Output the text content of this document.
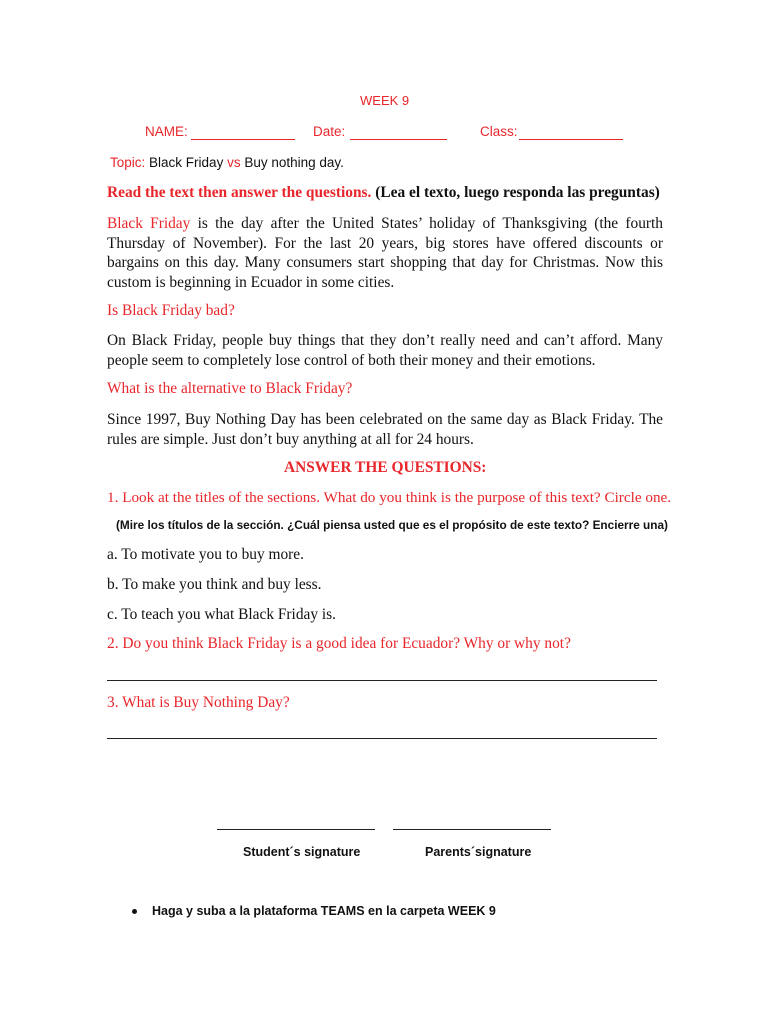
WEEK 9
NAME:	Date:	Class:
Topic: Black Friday vs Buy nothing day.
Read the text then answer the questions. (Lea el texto, luego responda las preguntas)
Black Friday is the day after the United States’ holiday of Thanksgiving (the fourth Thursday of November). For the last 20 years, big stores have offered discounts or bargains on this day. Many consumers start shopping that day for Christmas. Now this custom is beginning in Ecuador in some cities.
Is Black Friday bad?
On Black Friday, people buy things that they don’t really need and can’t afford. Many people seem to completely lose control of both their money and their emotions.
What is the alternative to Black Friday?
Since 1997, Buy Nothing Day has been celebrated on the same day as Black Friday. The rules are simple. Just don’t buy anything at all for 24 hours.
ANSWER THE QUESTIONS:
1. Look at the titles of the sections. What do you think is the purpose of this text? Circle one.
(Mire los títulos de la sección. ¿Cuál piensa usted que es el propósito de este texto? Encierre una)
a. To motivate you to buy more.
b. To make you think and buy less.
c. To teach you what Black Friday is.
2. Do you think Black Friday is a good idea for Ecuador? Why or why not?
3. What is Buy Nothing Day?
Student´s signature	Parents´signature
Haga y suba a la plataforma TEAMS en la carpeta WEEK 9
